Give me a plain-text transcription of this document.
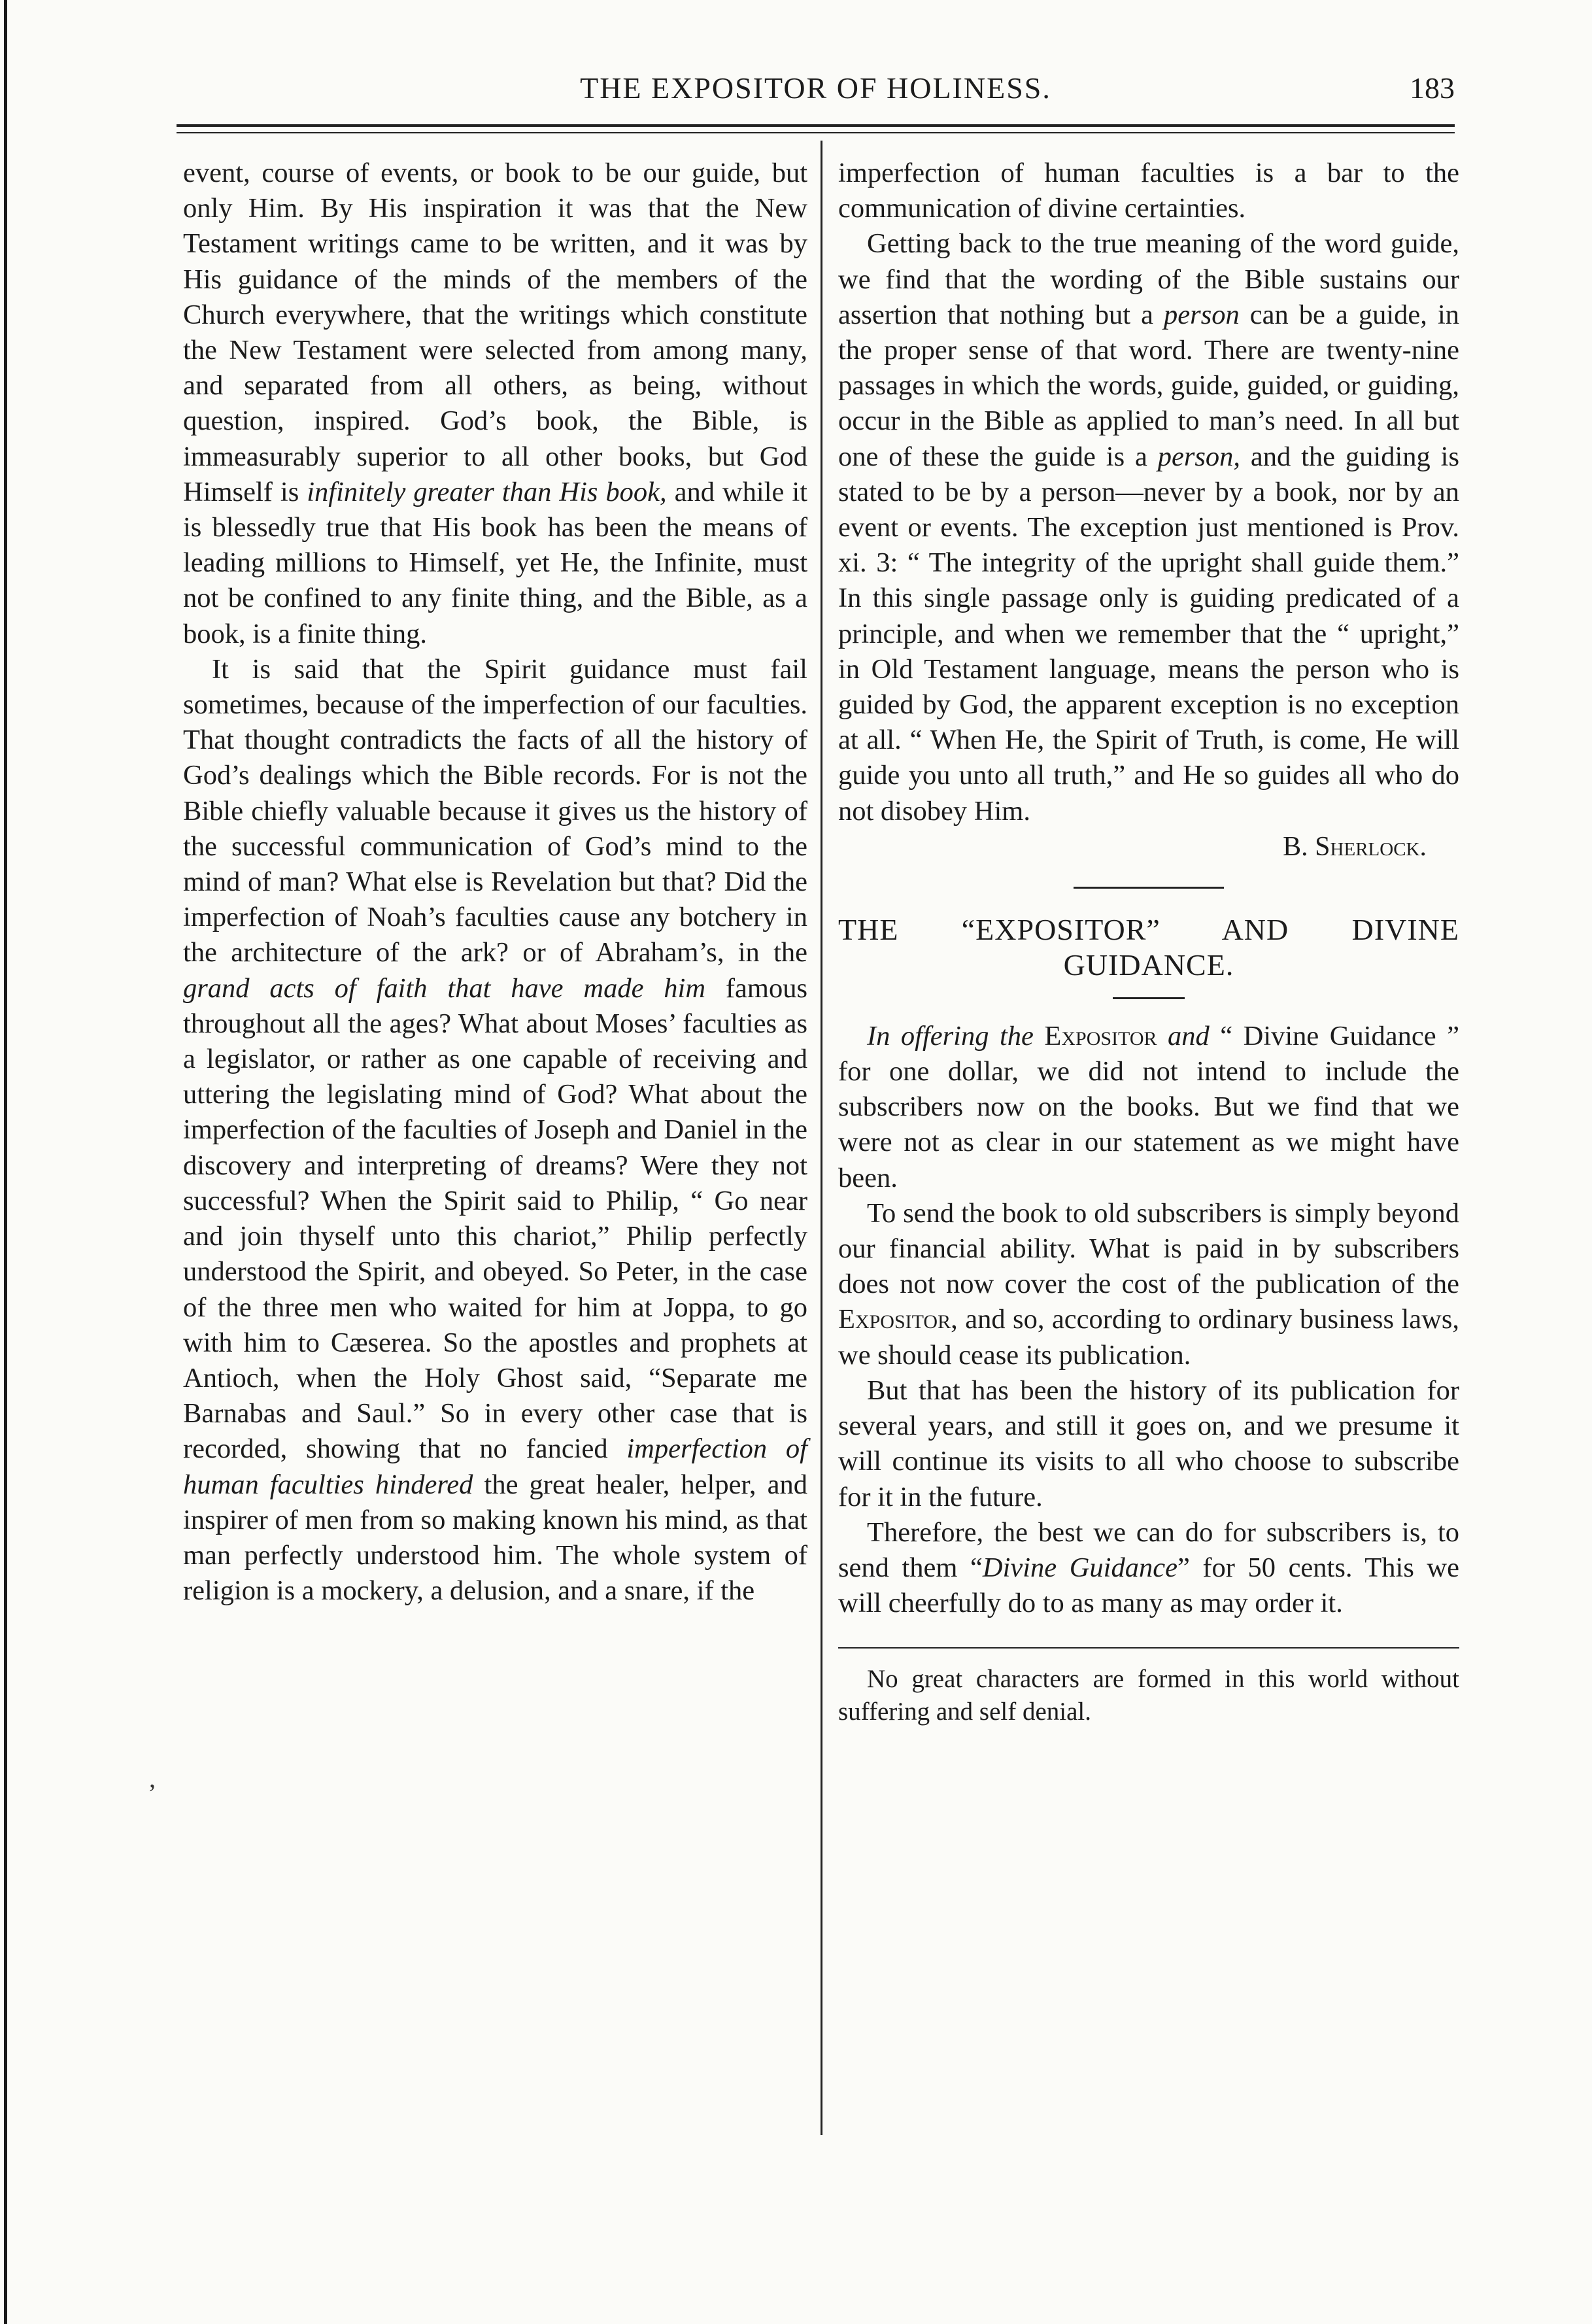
,
THE EXPOSITOR OF HOLINESS.	183

event, course of events, or book to be our guide, but only Him. By His inspiration it was that the New Testament writings came to be written, and it was by His guidance of the minds of the members of the Church everywhere, that the writings which constitute the New Testament were selected from among many, and separated from all others, as being, without question, inspired. God’s book, the Bible, is immeasurably superior to all other books, but God Himself is infinitely greater than His book, and while it is blessedly true that His book has been the means of leading millions to Himself, yet He, the Infinite, must not be confined to any finite thing, and the Bible, as a book, is a finite thing.

It is said that the Spirit guidance must fail sometimes, because of the imperfection of our faculties. That thought contradicts the facts of all the history of God’s dealings which the Bible records. For is not the Bible chiefly valuable because it gives us the history of the successful communication of God’s mind to the mind of man? What else is Revelation but that? Did the imperfection of Noah’s faculties cause any botchery in the architecture of the ark? or of Abraham’s, in the grand acts of faith that have made him famous throughout all the ages? What about Moses’ faculties as a legislator, or rather as one capable of receiving and uttering the legislating mind of God? What about the imperfection of the faculties of Joseph and Daniel in the discovery and interpreting of dreams? Were they not successful? When the Spirit said to Philip, “ Go near and join thyself unto this chariot,” Philip perfectly understood the Spirit, and obeyed. So Peter, in the case of the three men who waited for him at Joppa, to go with him to Cæserea. So the apostles and prophets at Antioch, when the Holy Ghost said, “Separate me Barnabas and Saul.” So in every other case that is recorded, showing that no fancied imperfection of human faculties hindered the great healer, helper, and inspirer of men from so making known his mind, as that man perfectly understood him. The whole system of religion is a mockery, a delusion, and a snare, if the

imperfection of human faculties is a bar to the communication of divine certainties.

Getting back to the true meaning of the word guide, we find that the wording of the Bible sustains our assertion that nothing but a person can be a guide, in the proper sense of that word. There are twenty-nine passages in which the words, guide, guided, or guiding, occur in the Bible as applied to man’s need. In all but one of these the guide is a person, and the guiding is stated to be by a person—never by a book, nor by an event or events. The exception just mentioned is Prov. xi. 3: “ The integrity of the upright shall guide them.” In this single passage only is guiding predicated of a principle, and when we remember that the “ upright,” in Old Testament language, means the person who is guided by God, the apparent exception is no exception at all. “ When He, the Spirit of Truth, is come, He will guide you unto all truth,” and He so guides all who do not disobey Him.

B. Sherlock.
THE “EXPOSITOR” AND DIVINE
GUIDANCE.

In offering the Expositor and “ Divine Guidance ” for one dollar, we did not intend to include the subscribers now on the books. But we find that we were not as clear in our statement as we might have been.

To send the book to old subscribers is simply beyond our financial ability. What is paid in by subscribers does not now cover the cost of the publication of the Expositor, and so, according to ordinary business laws, we should cease its publication.

But that has been the history of its publication for several years, and still it goes on, and we presume it will continue its visits to all who choose to subscribe for it in the future.

Therefore, the best we can do for subscribers is, to send them “Divine Guidance” for 50 cents. This we will cheerfully do to as many as may order it.

No great characters are formed in this world without suffering and self denial.
